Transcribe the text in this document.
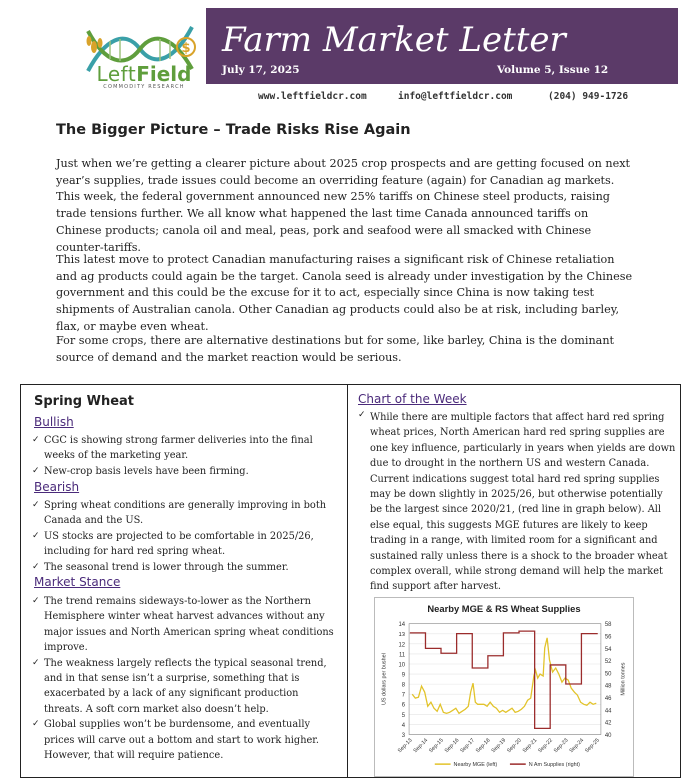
$
LeftField
COMMODITY RESEARCH
Farm Market Letter
July 17, 2025	Volume 5, Issue 12
www.leftfieldcr.com	info@leftfieldcr.com	(204) 949-1726
The Bigger Picture – Trade Risks Rise Again
Just when we’re getting a clearer picture about 2025 crop prospects and are getting focused on next year’s supplies, trade issues could become an overriding feature (again) for Canadian ag markets. This week, the federal government announced new 25% tariffs on Chinese steel products, raising trade tensions further. We all know what happened the last time Canada announced tariffs on Chinese products; canola oil and meal, peas, pork and seafood were all smacked with Chinese counter-tariffs.
This latest move to protect Canadian manufacturing raises a significant risk of Chinese retaliation and ag products could again be the target. Canola seed is already under investigation by the Chinese government and this could be the excuse for it to act, especially since China is now taking test shipments of Australian canola. Other Canadian ag products could also be at risk, including barley, flax, or maybe even wheat.
For some crops, there are alternative destinations but for some, like barley, China is the dominant source of demand and the market reaction would be serious.
Spring Wheat
Bullish
✓ CGC is showing strong farmer deliveries into the final weeks of the marketing year.
✓ New-crop basis levels have been firming.
Bearish
✓ Spring wheat conditions are generally improving in both Canada and the US.
✓ US stocks are projected to be comfortable in 2025/26, including for hard red spring wheat.
✓ The seasonal trend is lower through the summer.
Market Stance
✓ The trend remains sideways-to-lower as the Northern Hemisphere winter wheat harvest advances without any major issues and North American spring wheat conditions improve.
✓ The weakness largely reflects the typical seasonal trend, and in that sense isn’t a surprise, something that is exacerbated by a lack of any significant production threats. A soft corn market also doesn’t help.
✓ Global supplies won’t be burdensome, and eventually prices will carve out a bottom and start to work higher. However, that will require patience.
Chart of the Week
✓ While there are multiple factors that affect hard red spring wheat prices, North American hard red spring supplies are one key influence, particularly in years when yields are down due to drought in the northern US and western Canada. Current indications suggest total hard red spring supplies may be down slightly in 2025/26, but otherwise potentially be the largest since 2020/21, (red line in graph below). All else equal, this suggests MGE futures are likely to keep trading in a range, with limited room for a significant and sustained rally unless there is a shock to the broader wheat complex overall, while strong demand will help the market find support after harvest.
Nearby MGE & RS Wheat Supplies
3
4
5
6
7
8
9
10
11
12
13
14
40
42
44
46
48
50
52
54
56
58
Sep-13
Sep-14
Sep-15
Sep-16
Sep-17
Sep-18
Sep-19
Sep-20
Sep-21
Sep-22
Sep-23
Sep-24
Sep-25
US dollars per bushel	Million tonnes
Nearby MGE (left)	N Am Supplies (right)
